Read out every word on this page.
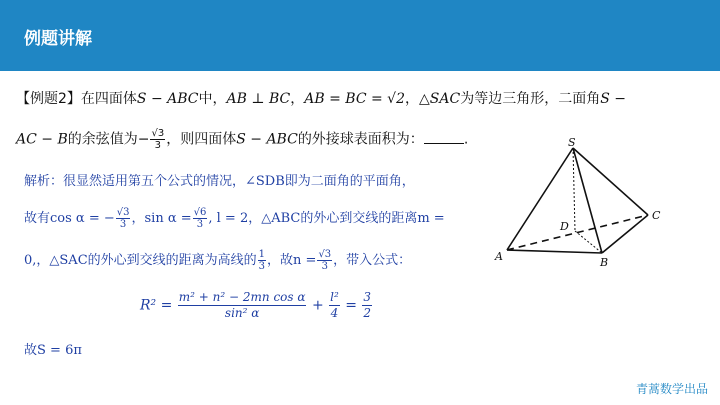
例题讲解
【例题2】在四面体S − ABC中，AB ⊥ BC，AB = BC = √2，△SAC为等边三角形，二面角S −
AC − B的余弦值为− $\frac{√3}{3}$ ，则四面体S − ABC的外接球表面积为：	.
解析：很显然适用第五个公式的情况，∠SDB即为二面角的平面角，
故有cos α = − $\frac{√3}{3}$ ，$\sin \alpha = \frac{√6}{3}$ , l = 2，△ABC的外心到交线的距离m =
0,，△SAC的外心到交线的距离为高线的 $\frac{1}{3}$ ，故$n = \frac{√3}{3}$ ，带入公式：
$R^2 = \frac{\text{m² + n² − 2mn cos α}}{\text{sin² α}} + \frac{\text{l²}}{4} = \frac{3}{2}$
故S = 6π
S
A	B
C
D
青蒿数学出品
